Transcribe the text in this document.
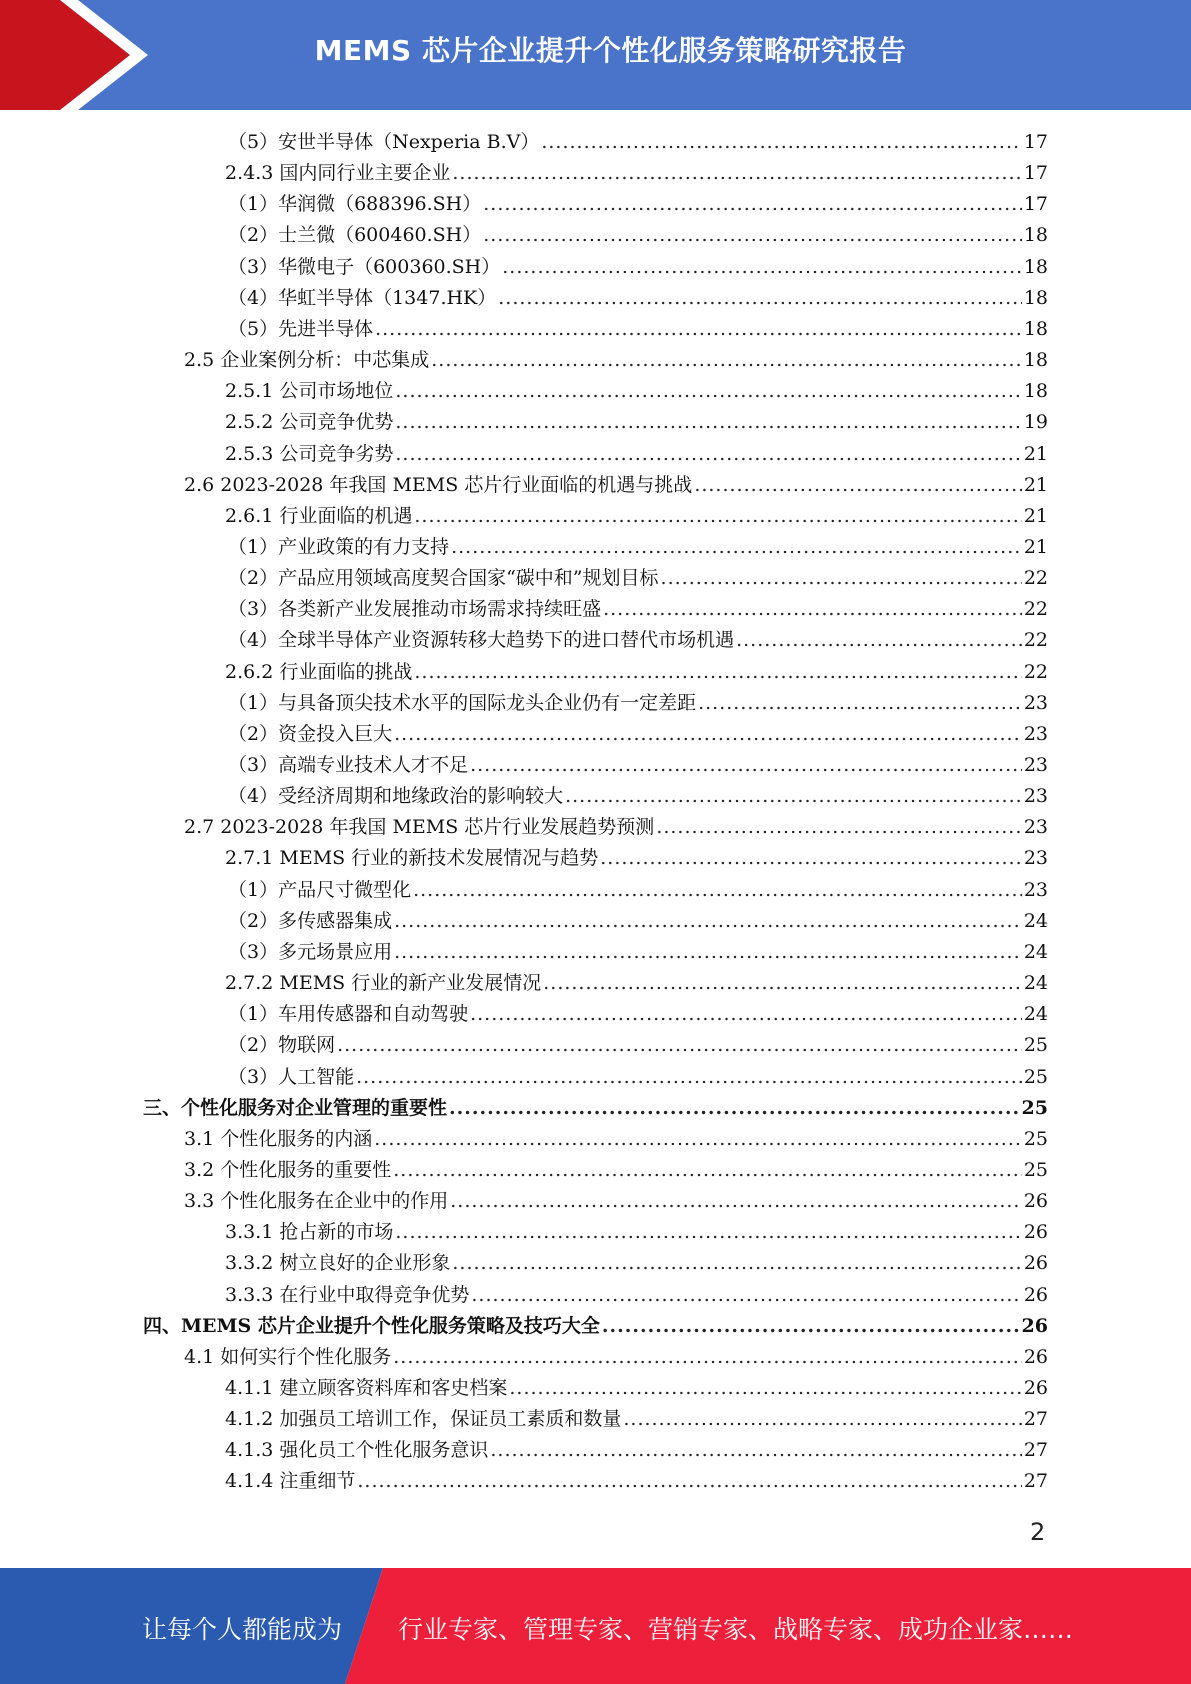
MEMS 芯片企业提升个性化服务策略研究报告
（5）安世半导体（Nexperia B.V） .....	17
2.4.3 国内同行业主要企业 .....	17
（1）华润微（688396.SH） .....	17
（2）士兰微（600460.SH） .....	18
（3）华微电子（600360.SH） .....	18
（4）华虹半导体（1347.HK） .....	18
（5）先进半导体 .....	18
2.5 企业案例分析：中芯集成 .....	18
2.5.1 公司市场地位 .....	18
2.5.2 公司竞争优势 .....	19
2.5.3 公司竞争劣势 .....	21
2.6 2023-2028 年我国 MEMS 芯片行业面临的机遇与挑战 .....	21
2.6.1 行业面临的机遇 .....	21
（1）产业政策的有力支持 .....	21
（2）产品应用领域高度契合国家“碳中和”规划目标 .....	22
（3）各类新产业发展推动市场需求持续旺盛 .....	22
（4）全球半导体产业资源转移大趋势下的进口替代市场机遇 .....	22
2.6.2 行业面临的挑战 .....	22
（1）与具备顶尖技术水平的国际龙头企业仍有一定差距 .....	23
（2）资金投入巨大 .....	23
（3）高端专业技术人才不足 .....	23
（4）受经济周期和地缘政治的影响较大 .....	23
2.7 2023-2028 年我国 MEMS 芯片行业发展趋势预测 .....	23
2.7.1 MEMS 行业的新技术发展情况与趋势 .....	23
（1）产品尺寸微型化 .....	23
（2）多传感器集成 .....	24
（3）多元场景应用 .....	24
2.7.2 MEMS 行业的新产业发展情况 .....	24
（1）车用传感器和自动驾驶 .....	24
（2）物联网 .....	25
（3）人工智能 .....	25
三、个性化服务对企业管理的重要性 .....	25
3.1 个性化服务的内涵 .....	25
3.2 个性化服务的重要性 .....	25
3.3 个性化服务在企业中的作用 .....	26
3.3.1 抢占新的市场 .....	26
3.3.2 树立良好的企业形象 .....	26
3.3.3 在行业中取得竞争优势 .....	26
四、MEMS 芯片企业提升个性化服务策略及技巧大全 .....	26
4.1 如何实行个性化服务 .....	26
4.1.1 建立顾客资料库和客史档案 .....	26
4.1.2 加强员工培训工作，保证员工素质和数量 .....	27
4.1.3 强化员工个性化服务意识 .....	27
4.1.4 注重细节 .....	27
2
让每个人都能成为 行业专家、管理专家、营销专家、战略专家、成功企业家……
